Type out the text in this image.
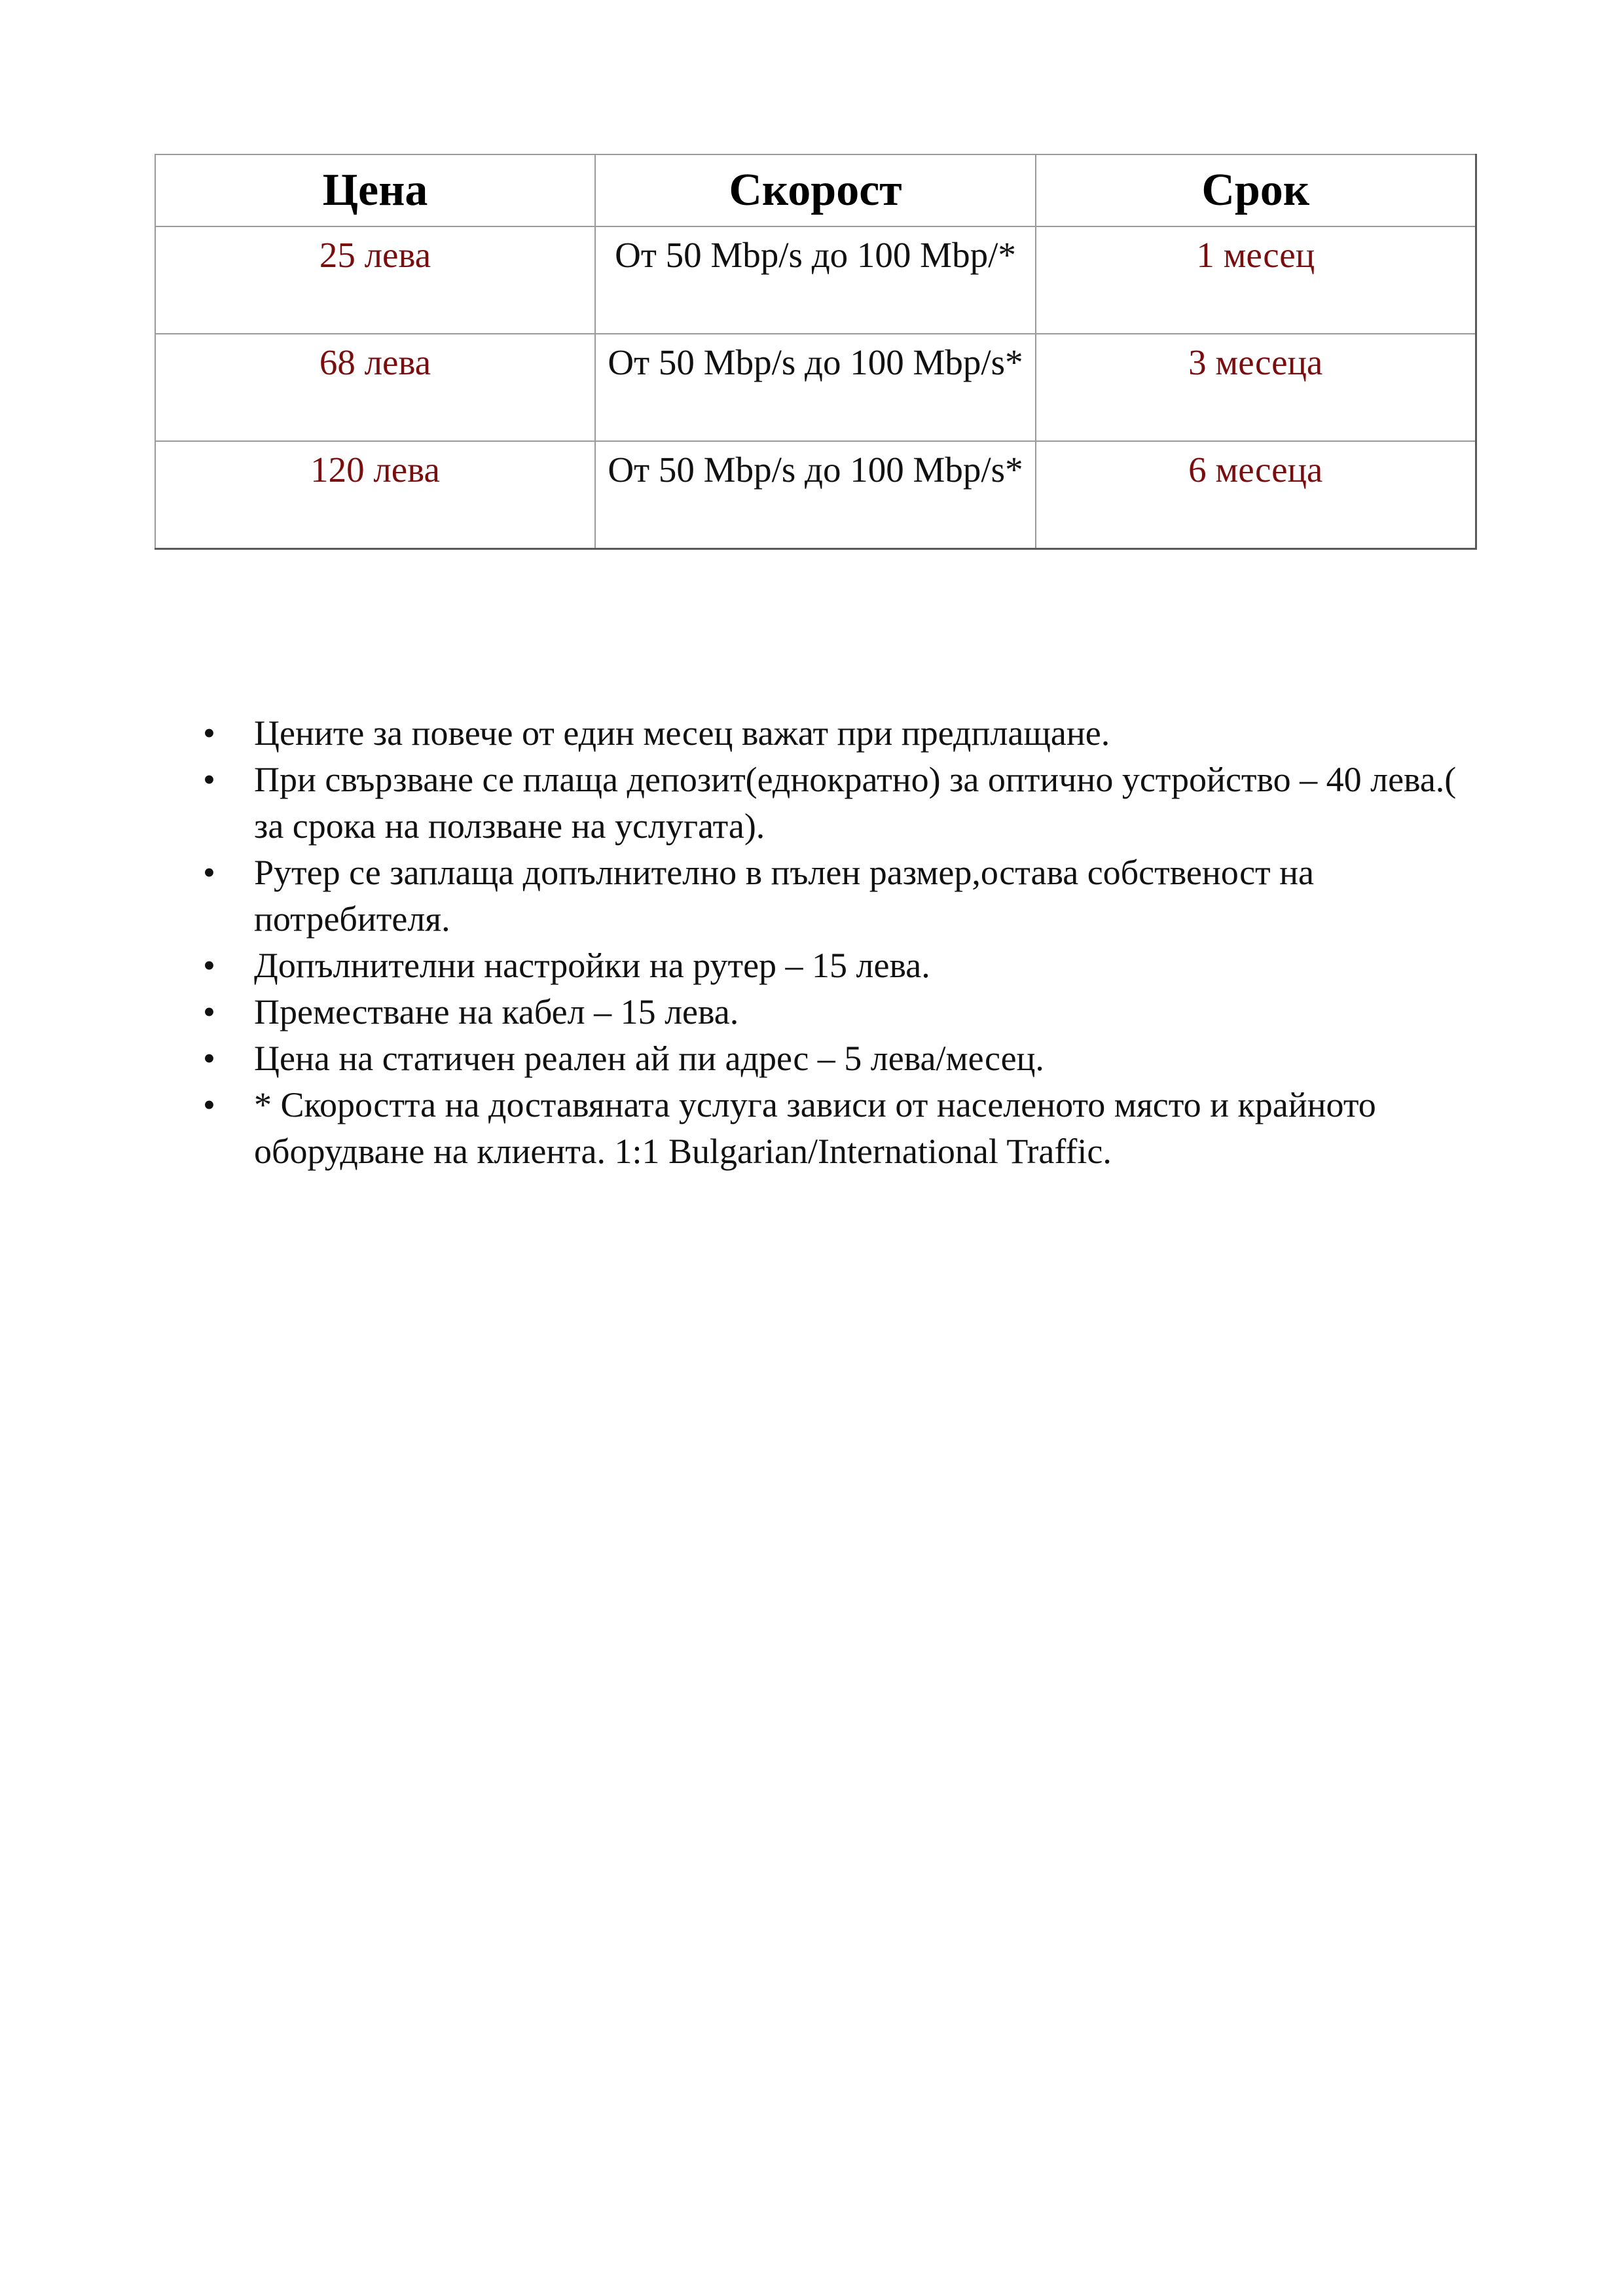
Цена	Скорост	Срок
25 лева	От 50 Mbp/s до 100 Mbp/*	1 месец
68 лева	От 50 Mbp/s до 100 Mbp/s*	3 месеца
120 лева	От 50 Mbp/s до 100 Mbp/s*	6 месеца
• Цените за повече от един месец важат при предплащане.
• При свързване се плаща депозит(еднократно) за оптично устройство – 40 лева.( за срока на ползване на услугата).
• Рутер се заплаща допълнително в пълен размер,остава собственост на потребителя.
• Допълнителни настройки на рутер – 15 лева.
• Преместване на кабел – 15 лева.
• Цена на статичен реален ай пи адрес – 5 лева/месец.
• * Скоростта на доставяната услуга зависи от населеното място и крайното оборудване на клиента. 1:1 Bulgarian/International Traffic.
